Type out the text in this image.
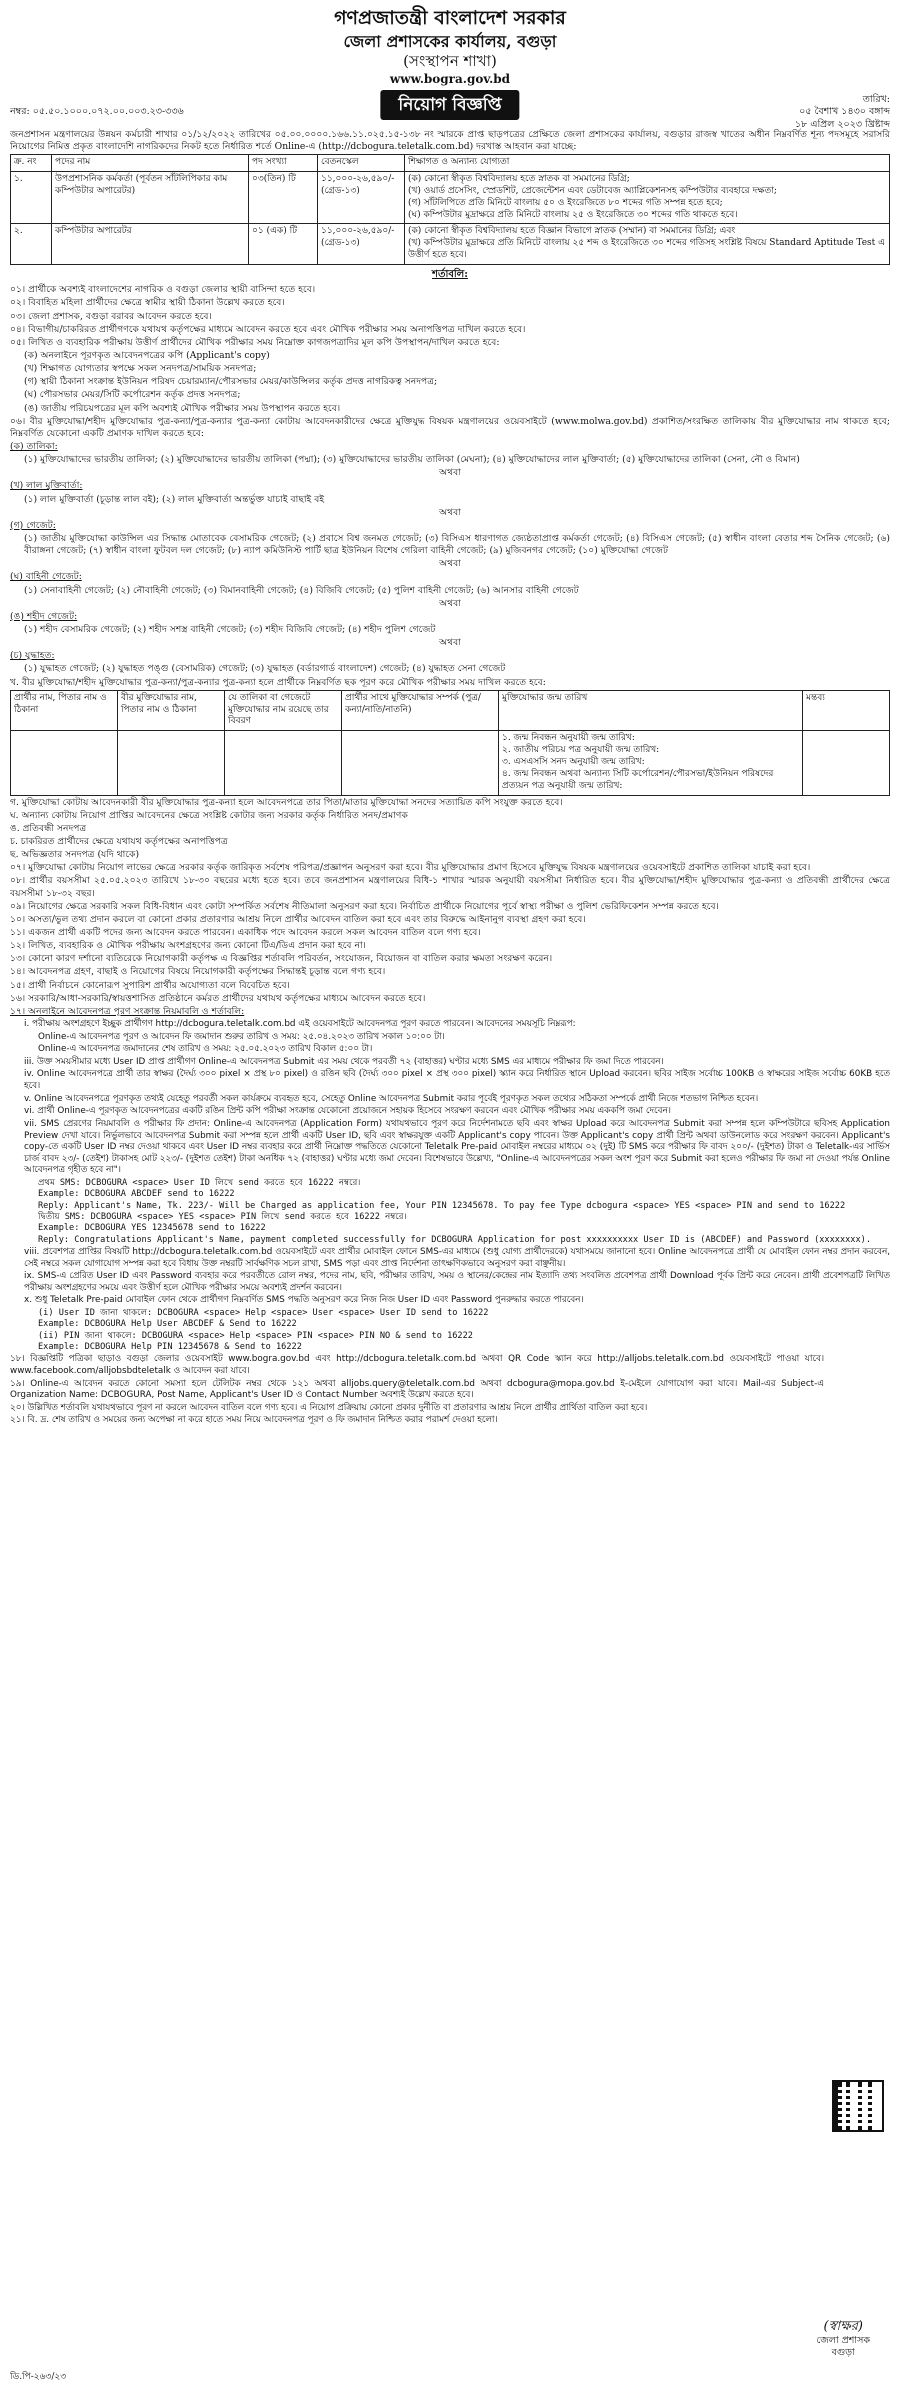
গণপ্রজাতন্ত্রী বাংলাদেশ সরকার
জেলা প্রশাসকের কার্যালয়, বগুড়া
(সংস্থাপন শাখা)
www.bogra.gov.bd
নম্বর: ০৫.৫০.১০০০.০৭২.০০.০০৩.২৩-৩৩৬	নিয়োগ বিজ্ঞপ্তি	তারিখ:
০৫ বৈশাখ ১৪৩০ বঙ্গাব্দ
১৮ এপ্রিল ২০২৩ খ্রিষ্টাব্দ

জনপ্রশাসন মন্ত্রণালয়ের উন্নয়ন কর্মচারী শাখার ০১/১২/২০২২ তারিখের ০৫.০০.০০০০.১৬৬.১১.০২৫.১৫-১৩৮ নং স্মারকে প্রাপ্ত ছাড়পত্রের প্রেক্ষিতে জেলা প্রশাসকের কার্যালয়, বগুড়ার রাজস্ব খাতের অধীন নিম্নবর্ণিত শূন্য পদসমূহে সরাসরি নিয়োগের নিমিত্ত প্রকৃত বাংলাদেশি নাগরিকদের নিকট হতে নির্ধারিত শর্তে Online-এ (http://dcbogura.teletalk.com.bd) দরখাস্ত আহবান করা যাচ্ছে:

ক্র. নং	পদের নাম	পদ সংখ্যা	বেতনস্কেল	শিক্ষাগত ও অন্যান্য যোগ্যতা
১.	উপপ্রশাসনিক কর্মকর্তা (পূর্বতন সাঁটলিপিকার কাম কম্পিউটার অপারেটর)	০৩(তিন) টি	১১,০০০-২৬,৫৯০/- (গ্রেড-১৩)	(ক) কোনো স্বীকৃত বিশ্ববিদ্যালয় হতে স্নাতক বা সমমানের ডিগ্রি;
(খ) ওয়ার্ড প্রসেসিং, স্প্রেডশিট, প্রেজেন্টেশন এবং ডেটাবেজ অ্যাপ্লিকেশনসহ কম্পিউটার ব্যবহারে দক্ষতা;
(গ) সাঁটলিপিতে প্রতি মিনিটে বাংলায় ৫০ ও ইংরেজিতে ৮০ শব্দের গতি সম্পন্ন হতে হবে;
(ঘ) কম্পিউটার মুদ্রাক্ষরে প্রতি মিনিটে বাংলায় ২৫ ও ইংরেজিতে ৩০ শব্দের গতি থাকতে হবে।

২.	কম্পিউটার অপারেটর	০১ (এক) টি	১১,০০০-২৬,৫৯০/- (গ্রেড-১৩)	(ক) কোনো স্বীকৃত বিশ্ববিদ্যালয় হতে বিজ্ঞান বিভাগে স্নাতক (সম্মান) বা সমমানের ডিগ্রি; এবং
(খ) কম্পিউটার মুদ্রাক্ষরে প্রতি মিনিটে বাংলায় ২৫ শব্দ ও ইংরেজিতে ৩০ শব্দের গতিসহ সংশ্লিষ্ট বিষয়ে Standard Aptitude Test এ উত্তীর্ণ হতে হবে।
শর্তাবলি:
০১। প্রার্থীকে অবশ্যই বাংলাদেশের নাগরিক ও বগুড়া জেলার স্থায়ী বাসিন্দা হতে হবে।
০২। বিবাহিত মহিলা প্রার্থীদের ক্ষেত্রে স্বামীর স্থায়ী ঠিকানা উল্লেখ করতে হবে।
০৩। জেলা প্রশাসক, বগুড়া বরাবর আবেদন করতে হবে।
০৪। বিভাগীয়/চাকরিরত প্রার্থীগণকে যথাযথ কর্তৃপক্ষের মাধ্যমে আবেদন করতে হবে এবং মৌখিক পরীক্ষার সময় অনাপত্তিপত্র দাখিল করতে হবে।
০৫। লিখিত ও ব্যবহারিক পরীক্ষায় উত্তীর্ণ প্রার্থীদের মৌখিক পরীক্ষার সময় নিম্নোক্ত কাগজপত্রাদির মূল কপি উপস্থাপন/দাখিল করতে হবে:
(ক) অনলাইনে পূরণকৃত আবেদনপত্রের কপি (Applicant's copy)
(খ) শিক্ষাগত যোগ্যতার স্বপক্ষে সকল সনদপত্র/সাময়িক সনদপত্র;
(গ) স্থায়ী ঠিকানা সংক্রান্ত ইউনিয়ন পরিষদ চেয়ারম্যান/পৌরসভার মেয়র/কাউন্সিলর কর্তৃক প্রদত্ত নাগরিকত্ব সনদপত্র;
(ঘ) পৌরসভার মেয়র/সিটি কর্পোরেশন কর্তৃক প্রদত্ত সনদপত্র;
(ঙ) জাতীয় পরিচয়পত্রের মূল কপি অবশ্যই মৌখিক পরীক্ষার সময় উপস্থাপন করতে হবে।

০৬। বীর মুক্তিযোদ্ধা/শহীদ মুক্তিযোদ্ধার পুত্র-কন্যা/পুত্র-কন্যার পুত্র-কন্যা কোটায় আবেদনকারীদের ক্ষেত্রে মুক্তিযুদ্ধ বিষয়ক মন্ত্রণালয়ের ওয়েবসাইটে (www.molwa.gov.bd) প্রকাশিত/সংরক্ষিত তালিকায় বীর মুক্তিযোদ্ধার নাম থাকতে হবে; নিম্নবর্ণিত যেকোনো একটি প্রমাণক দাখিল করতে হবে:

(ক) তালিকা:

(১) মুক্তিযোদ্ধাদের ভারতীয় তালিকা; (২) মুক্তিযোদ্ধাদের ভারতীয় তালিকা (পদ্মা); (৩) মুক্তিযোদ্ধাদের ভারতীয় তালিকা (মেঘনা); (৪) মুক্তিযোদ্ধাদের লাল মুক্তিবার্তা; (৫) মুক্তিযোদ্ধাদের তালিকা (সেনা, নৌ ও বিমান)

অথবা

(খ) লাল মুক্তিবার্তা:

(১) লাল মুক্তিবার্তা (চূড়ান্ত লাল বই); (২) লাল মুক্তিবার্তা অন্তর্ভুক্ত যাচাই বাছাই বই

অথবা

(গ) গেজেট:

(১) জাতীয় মুক্তিযোদ্ধা কাউন্সিল এর সিদ্ধান্ত মোতাবেক বেসামরিক গেজেট; (২) প্রবাসে বিশ্ব জনমত গেজেট; (৩) বিসিএস ধারণাগত জ্যেষ্ঠতাপ্রাপ্ত কর্মকর্তা গেজেট; (৪) বিসিএস গেজেট; (৫) স্বাধীন বাংলা বেতার শব্দ সৈনিক গেজেট; (৬) বীরাঙ্গনা গেজেট; (৭) স্বাধীন বাংলা ফুটবল দল গেজেট; (৮) ন্যাপ কমিউনিস্ট পার্টি ছাত্র ইউনিয়ন বিশেষ গেরিলা বাহিনী গেজেট; (৯) মুজিবনগর গেজেট; (১০) মুক্তিযোদ্ধা গেজেট

অথবা

(ঘ) বাহিনী গেজেট:

(১) সেনাবাহিনী গেজেট; (২) নৌবাহিনী গেজেট; (৩) বিমানবাহিনী গেজেট; (৪) বিজিবি গেজেট; (৫) পুলিশ বাহিনী গেজেট; (৬) আনসার বাহিনী গেজেট

অথবা

(ঙ) শহীদ গেজেট:

(১) শহীদ বেসামরিক গেজেট; (২) শহীদ সশস্ত্র বাহিনী গেজেট; (৩) শহীদ বিজিবি গেজেট; (৪) শহীদ পুলিশ গেজেট

অথবা

(চ) যুদ্ধাহত:

(১) যুদ্ধাহত গেজেট; (২) যুদ্ধাহত পঙ্গু (বেসামরিক) গেজেট; (৩) যুদ্ধাহত (বর্ডারগার্ড বাংলাদেশ) গেজেট; (৪) যুদ্ধাহত সেনা গেজেট

খ. বীর মুক্তিযোদ্ধা/শহীদ মুক্তিযোদ্ধার পুত্র-কন্যা/পুত্র-কন্যার পুত্র-কন্যা হলে প্রার্থীকে নিম্নবর্ণিত ছক পূরণ করে মৌখিক পরীক্ষার সময় দাখিল করতে হবে:

প্রার্থীর নাম, পিতার নাম ও ঠিকানা	বীর মুক্তিযোদ্ধার নাম, পিতার নাম ও ঠিকানা	যে তালিকা বা গেজেটে মুক্তিযোদ্ধার নাম রয়েছে তার বিবরণ	প্রার্থীর সাথে মুক্তিযোদ্ধার সম্পর্ক (পুত্র/কন্যা/নাতি/নাতনি)	মুক্তিযোদ্ধার জন্ম তারিখ	মন্তব্য

				১. জন্ম নিবন্ধন অনুযায়ী জন্ম তারিখ:
২. জাতীয় পরিচয় পত্র অনুযায়ী জন্ম তারিখ:
৩. এসএসসি সনদ অনুযায়ী জন্ম তারিখ:
৪. জন্ম নিবন্ধন অথবা অন্যান্য সিটি কর্পোরেশন/পৌরসভা/ইউনিয়ন পরিষদের প্রত্যয়ন পত্র অনুযায়ী জন্ম তারিখ:	

গ. মুক্তিযোদ্ধা কোটায় আবেদনকারী বীর মুক্তিযোদ্ধার পুত্র-কন্যা হলে আবেদনপত্রে তার পিতা/মাতার মুক্তিযোদ্ধা সনদের সত্যায়িত কপি সংযুক্ত করতে হবে।
ঘ. অন্যান্য কোটায় নিয়োগ প্রাপ্তির আবেদনের ক্ষেত্রে সংশ্লিষ্ট কোটার জন্য সরকার কর্তৃক নির্ধারিত সনদ/প্রমাণক
ঙ. প্রতিবন্ধী সনদপত্র
চ. চাকরিরত প্রার্থীদের ক্ষেত্রে যথাযথ কর্তৃপক্ষের অনাপত্তিপত্র
ছ. অভিজ্ঞতার সনদপত্র (যদি থাকে)
০৭। মুক্তিযোদ্ধা কোটায় নিয়োগ লাভের ক্ষেত্রে সরকার কর্তৃক জারিকৃত সর্বশেষ পরিপত্র/প্রজ্ঞাপন অনুসরণ করা হবে। বীর মুক্তিযোদ্ধার প্রমাণ হিসেবে মুক্তিযুদ্ধ বিষয়ক মন্ত্রণালয়ের ওয়েবসাইটে প্রকাশিত তালিকা যাচাই করা হবে।
০৮। প্রার্থীর বয়সসীমা ২৫.০৫.২০২৩ তারিখে ১৮-৩০ বছরের মধ্যে হতে হবে। তবে জনপ্রশাসন মন্ত্রণালয়ের বিধি-১ শাখার স্মারক অনুযায়ী বয়সসীমা নির্ধারিত হবে। বীর মুক্তিযোদ্ধা/শহীদ মুক্তিযোদ্ধার পুত্র-কন্যা ও প্রতিবন্ধী প্রার্থীদের ক্ষেত্রে বয়সসীমা ১৮-৩২ বছর।
০৯। নিয়োগের ক্ষেত্রে সরকারি সকল বিধি-বিধান এবং কোটা সম্পর্কিত সর্বশেষ নীতিমালা অনুসরণ করা হবে। নির্বাচিত প্রার্থীকে নিয়োগের পূর্বে স্বাস্থ্য পরীক্ষা ও পুলিশ ভেরিফিকেশন সম্পন্ন করতে হবে।
১০। অসত্য/ভুল তথ্য প্রদান করলে বা কোনো প্রকার প্রতারণার আশ্রয় নিলে প্রার্থীর আবেদন বাতিল করা হবে এবং তার বিরুদ্ধে আইনানুগ ব্যবস্থা গ্রহণ করা হবে।
১১। একজন প্রার্থী একটি পদের জন্য আবেদন করতে পারবেন। একাধিক পদে আবেদন করলে সকল আবেদন বাতিল বলে গণ্য হবে।
১২। লিখিত, ব্যবহারিক ও মৌখিক পরীক্ষায় অংশগ্রহণের জন্য কোনো টিএ/ডিএ প্রদান করা হবে না।
১৩। কোনো কারণ দর্শানো ব্যতিরেকে নিয়োগকারী কর্তৃপক্ষ এ বিজ্ঞপ্তির শর্তাবলি পরিবর্তন, সংযোজন, বিয়োজন বা বাতিল করার ক্ষমতা সংরক্ষণ করেন।
১৪। আবেদনপত্র গ্রহণ, বাছাই ও নিয়োগের বিষয়ে নিয়োগকারী কর্তৃপক্ষের সিদ্ধান্তই চূড়ান্ত বলে গণ্য হবে।
১৫। প্রার্থী নির্বাচনে কোনোরূপ সুপারিশ প্রার্থীর অযোগ্যতা বলে বিবেচিত হবে।
১৬। সরকারি/আধা-সরকারি/স্বায়ত্তশাসিত প্রতিষ্ঠানে কর্মরত প্রার্থীদের যথাযথ কর্তৃপক্ষের মাধ্যমে আবেদন করতে হবে।

১৭। অনলাইনে আবেদনপত্র পূরণ সংক্রান্ত নিয়মাবলি ও শর্তাবলি:

i. পরীক্ষায় অংশগ্রহণে ইচ্ছুক প্রার্থীগণ http://dcbogura.teletalk.com.bd এই ওয়েবসাইটে আবেদনপত্র পূরণ করতে পারবেন। আবেদনের সময়সূচি নিম্নরূপ:
Online-এ আবেদনপত্র পূরণ ও আবেদন ফি জমাদান শুরুর তারিখ ও সময়: ২৫.০৪.২০২৩ তারিখ সকাল ১০:০০ টা।
Online-এ আবেদনপত্র জমাদানের শেষ তারিখ ও সময়: ২৫.০৫.২০২৩ তারিখ বিকাল ৫:০০ টা।
iii. উক্ত সময়সীমার মধ্যে User ID প্রাপ্ত প্রার্থীগণ Online-এ আবেদনপত্র Submit এর সময় থেকে পরবর্তী ৭২ (বাহাত্তর) ঘণ্টার মধ্যে SMS এর মাধ্যমে পরীক্ষার ফি জমা দিতে পারবেন।
iv. Online আবেদনপত্রে প্রার্থী তার স্বাক্ষর (দৈর্ঘ্য ৩০০ pixel × প্রস্থ ৮০ pixel) ও রঙিন ছবি (দৈর্ঘ্য ৩০০ pixel × প্রস্থ ৩০০ pixel) স্ক্যান করে নির্ধারিত স্থানে Upload করবেন। ছবির সাইজ সর্বোচ্চ 100KB ও স্বাক্ষরের সাইজ সর্বোচ্চ 60KB হতে হবে।
v. Online আবেদনপত্রে পূরণকৃত তথ্যই যেহেতু পরবর্তী সকল কার্যক্রমে ব্যবহৃত হবে, সেহেতু Online আবেদনপত্র Submit করার পূর্বেই পূরণকৃত সকল তথ্যের সঠিকতা সম্পর্কে প্রার্থী নিজে শতভাগ নিশ্চিত হবেন।
vi. প্রার্থী Online-এ পূরণকৃত আবেদনপত্রের একটি রঙিন প্রিন্ট কপি পরীক্ষা সংক্রান্ত যেকোনো প্রয়োজনে সহায়ক হিসেবে সংরক্ষণ করবেন এবং মৌখিক পরীক্ষার সময় এককপি জমা দেবেন।
vii. SMS প্রেরণের নিয়মাবলি ও পরীক্ষার ফি প্রদান: Online-এ আবেদনপত্র (Application Form) যথাযথভাবে পূরণ করে নির্দেশনামতে ছবি এবং স্বাক্ষর Upload করে আবেদনপত্র Submit করা সম্পন্ন হলে কম্পিউটারে ছবিসহ Application Preview দেখা যাবে। নির্ভুলভাবে আবেদনপত্র Submit করা সম্পন্ন হলে প্রার্থী একটি User ID, ছবি এবং স্বাক্ষরযুক্ত একটি Applicant's copy পাবেন। উক্ত Applicant's copy প্রার্থী প্রিন্ট অথবা ডাউনলোড করে সংরক্ষণ করবেন। Applicant's copy-তে একটি User ID নম্বর দেওয়া থাকবে এবং User ID নম্বর ব্যবহার করে প্রার্থী নিম্নোক্ত পদ্ধতিতে যেকোনো Teletalk Pre-paid মোবাইল নম্বরের মাধ্যমে ০২ (দুই) টি SMS করে পরীক্ষার ফি বাবদ ২০০/- (দুইশত) টাকা ও Teletalk-এর সার্ভিস চার্জ বাবদ ২৩/- (তেইশ) টাকাসহ মোট ২২৩/- (দুইশত তেইশ) টাকা অনধিক ৭২ (বাহাত্তর) ঘণ্টার মধ্যে জমা দেবেন। বিশেষভাবে উল্লেখ্য, "Online-এ আবেদনপত্রের সকল অংশ পূরণ করে Submit করা হলেও পরীক্ষার ফি জমা না দেওয়া পর্যন্ত Online আবেদনপত্র গৃহীত হবে না"।
প্রথম SMS: DCBOGURA <space> User ID লিখে send করতে হবে 16222 নম্বরে।
Example: DCBOGURA ABCDEF send to 16222
Reply: Applicant's Name, Tk. 223/- Will be Charged as application fee, Your PIN 12345678. To pay fee Type dcbogura <space> YES <space> PIN and send to 16222
দ্বিতীয় SMS: DCBOGURA <space> YES <space> PIN লিখে send করতে হবে 16222 নম্বরে।
Example: DCBOGURA YES 12345678 send to 16222
Reply: Congratulations Applicant's Name, payment completed successfully for DCBOGURA Application for post xxxxxxxxxx User ID is (ABCDEF) and Password (xxxxxxxx).
viii. প্রবেশপত্র প্রাপ্তির বিষয়টি http://dcbogura.teletalk.com.bd ওয়েবসাইটে এবং প্রার্থীর মোবাইল ফোনে SMS-এর মাধ্যমে (শুধু যোগ্য প্রার্থীদেরকে) যথাসময়ে জানানো হবে। Online আবেদনপত্রে প্রার্থী যে মোবাইল ফোন নম্বর প্রদান করবেন, সেই নম্বরে সকল যোগাযোগ সম্পন্ন করা হবে বিধায় উক্ত নম্বরটি সার্বক্ষণিক সচল রাখা, SMS পড়া এবং প্রাপ্ত নির্দেশনা তাৎক্ষণিকভাবে অনুসরণ করা বাঞ্ছনীয়।
ix. SMS-এ প্রেরিত User ID এবং Password ব্যবহার করে পরবর্তীতে রোল নম্বর, পদের নাম, ছবি, পরীক্ষার তারিখ, সময় ও স্থানের/কেন্দ্রের নাম ইত্যাদি তথ্য সংবলিত প্রবেশপত্র প্রার্থী Download পূর্বক প্রিন্ট করে নেবেন। প্রার্থী প্রবেশপত্রটি লিখিত পরীক্ষায় অংশগ্রহণের সময়ে এবং উত্তীর্ণ হলে মৌখিক পরীক্ষার সময়ে অবশ্যই প্রদর্শন করবেন।
x. শুধু Teletalk Pre-paid মোবাইল ফোন থেকে প্রার্থীগণ নিম্নবর্ণিত SMS পদ্ধতি অনুসরণ করে নিজ নিজ User ID এবং Password পুনরুদ্ধার করতে পারবেন।
(i) User ID জানা থাকলে: DCBOGURA <space> Help <space> User <space> User ID send to 16222
Example: DCBOGURA Help User ABCDEF & Send to 16222
(ii) PIN জানা থাকলে: DCBOGURA <space> Help <space> PIN <space> PIN NO & send to 16222
Example: DCBOGURA Help PIN 12345678 & Send to 16222
১৮। বিজ্ঞপ্তিটি পত্রিকা ছাড়াও বগুড়া জেলার ওয়েবসাইট www.bogra.gov.bd এবং http://dcbogura.teletalk.com.bd অথবা QR Code স্ক্যান করে http://alljobs.teletalk.com.bd ওয়েবসাইটে পাওয়া যাবে। www.facebook.com/alljobsbdteletalk ও আবেদন করা যাবে।
১৯। Online-এ আবেদন করতে কোনো সমস্যা হলে টেলিটক নম্বর থেকে ১২১ অথবা alljobs.query@teletalk.com.bd অথবা dcbogura@mopa.gov.bd ই-মেইলে যোগাযোগ করা যাবে। Mail-এর Subject-এ Organization Name: DCBOGURA, Post Name, Applicant's User ID ও Contact Number অবশ্যই উল্লেখ করতে হবে।
২০। উল্লিখিত শর্তাবলি যথাযথভাবে পূরণ না করলে আবেদন বাতিল বলে গণ্য হবে। এ নিয়োগ প্রক্রিয়ায় কোনো প্রকার দুর্নীতি বা প্রতারণার আশ্রয় নিলে প্রার্থীর প্রার্থিতা বাতিল করা হবে।
২১। বি. দ্র. শেষ তারিখ ও সময়ের জন্য অপেক্ষা না করে হাতে সময় নিয়ে আবেদনপত্র পূরণ ও ফি জমাদান নিশ্চিত করার পরামর্শ দেওয়া হলো।
(স্বাক্ষর)
জেলা প্রশাসক
বগুড়া
ডি.পি-২৬৩/২৩
